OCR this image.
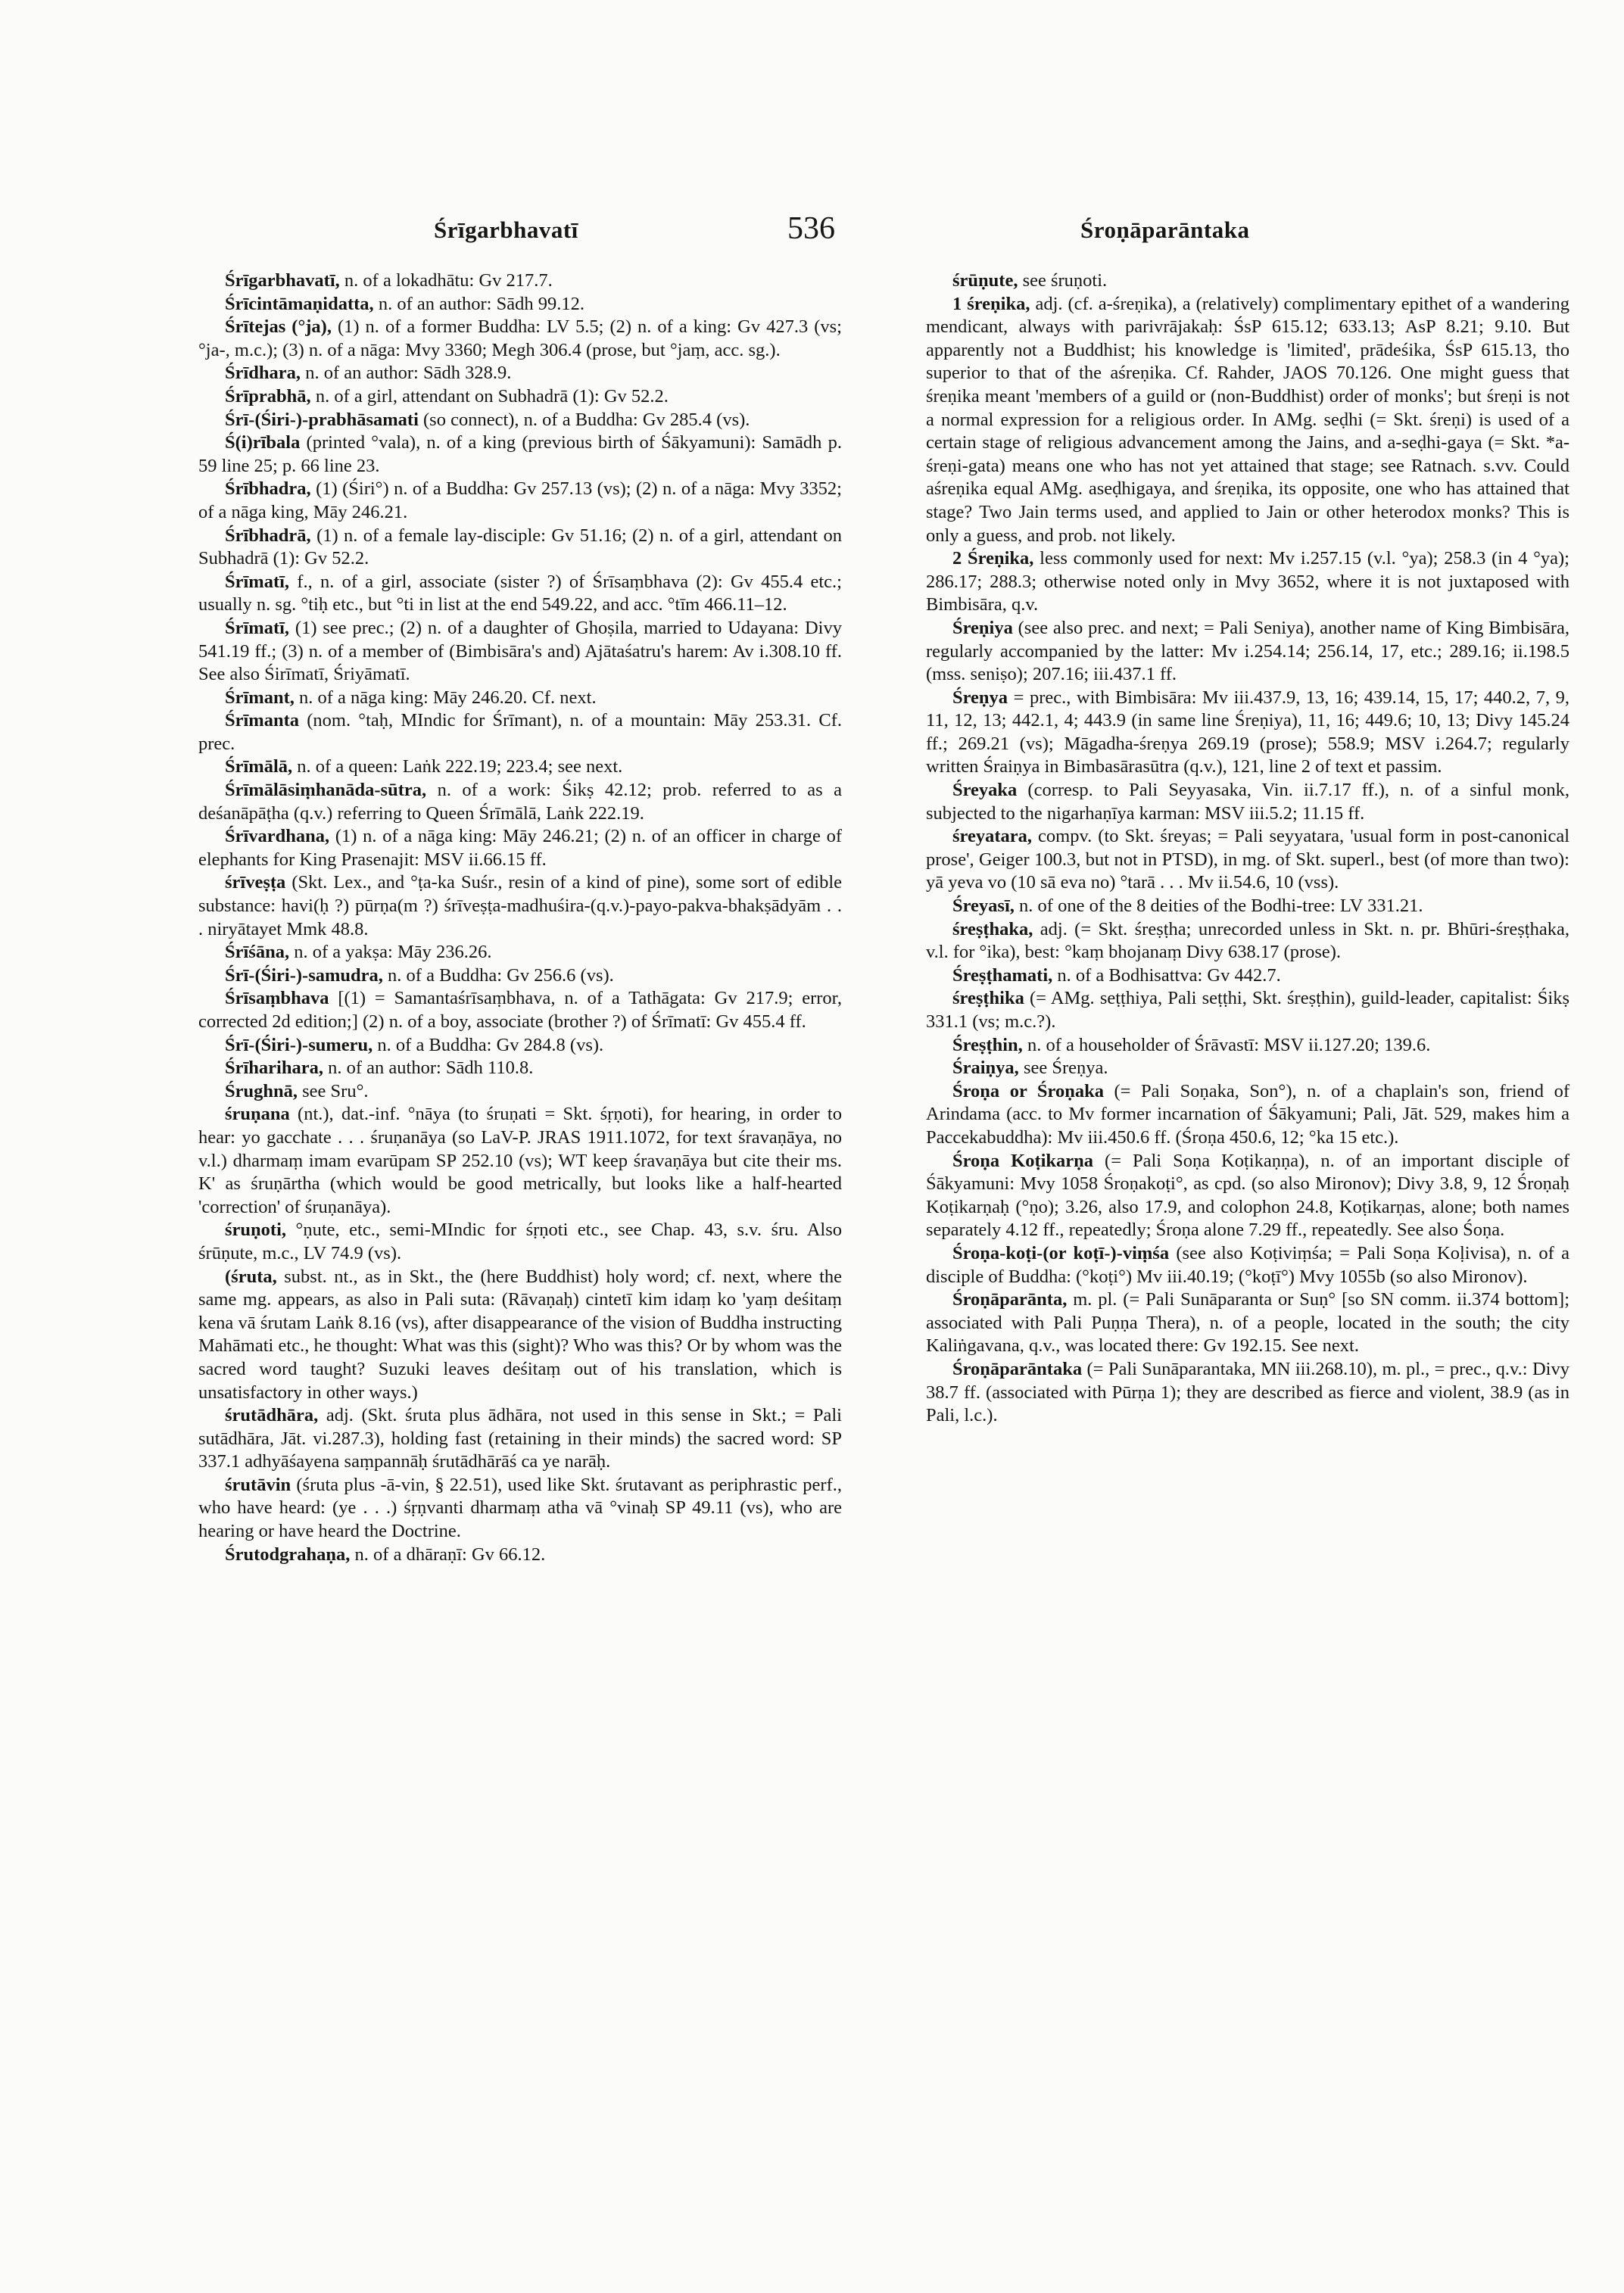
Śrīgarbhavatī	536	Śroṇāparāntaka

Śrīgarbhavatī, n. of a lokadhātu: Gv 217.7.

Śrīcintāmaṇidatta, n. of an author: Sādh 99.12.

Śrītejas (°ja), (1) n. of a former Buddha: LV 5.5; (2) n. of a king: Gv 427.3 (vs; °ja-, m.c.); (3) n. of a nāga: Mvy 3360; Megh 306.4 (prose, but °jaṃ, acc. sg.).

Śrīdhara, n. of an author: Sādh 328.9.

Śrīprabhā, n. of a girl, attendant on Subhadrā (1): Gv 52.2.

Śrī-(Śiri-)-prabhāsamati (so connect), n. of a Buddha: Gv 285.4 (vs).

Ś(i)rībala (printed °vala), n. of a king (previous birth of Śākyamuni): Samādh p. 59 line 25; p. 66 line 23.

Śrībhadra, (1) (Śiri°) n. of a Buddha: Gv 257.13 (vs); (2) n. of a nāga: Mvy 3352; of a nāga king, Māy 246.21.

Śrībhadrā, (1) n. of a female lay-disciple: Gv 51.16; (2) n. of a girl, attendant on Subhadrā (1): Gv 52.2.

Śrīmatī, f., n. of a girl, associate (sister ?) of Śrīsaṃbhava (2): Gv 455.4 etc.; usually n. sg. °tiḥ etc., but °ti in list at the end 549.22, and acc. °tīm 466.11–12.

Śrīmatī, (1) see prec.; (2) n. of a daughter of Ghoṣila, married to Udayana: Divy 541.19 ff.; (3) n. of a member of (Bimbisāra's and) Ajātaśatru's harem: Av i.308.10 ff. See also Śirīmatī, Śriyāmatī.

Śrīmant, n. of a nāga king: Māy 246.20. Cf. next.

Śrīmanta (nom. °taḥ, MIndic for Śrīmant), n. of a mountain: Māy 253.31. Cf. prec.

Śrīmālā, n. of a queen: Laṅk 222.19; 223.4; see next.

Śrīmālāsiṃhanāda-sūtra, n. of a work: Śikṣ 42.12; prob. referred to as a deśanāpāṭha (q.v.) referring to Queen Śrīmālā, Laṅk 222.19.

Śrīvardhana, (1) n. of a nāga king: Māy 246.21; (2) n. of an officer in charge of elephants for King Prasenajit: MSV ii.66.15 ff.

śrīveṣṭa (Skt. Lex., and °ṭa-ka Suśr., resin of a kind of pine), some sort of edible substance: havi(ḥ ?) pūrṇa(m ?) śrīveṣṭa-madhuśira-(q.v.)-payo-pakva-bhakṣādyām . . . niryātayet Mmk 48.8.

Śrīśāna, n. of a yakṣa: Māy 236.26.

Śrī-(Śiri-)-samudra, n. of a Buddha: Gv 256.6 (vs).

Śrīsaṃbhava [(1) = Samantaśrīsaṃbhava, n. of a Tathāgata: Gv 217.9; error, corrected 2d edition;] (2) n. of a boy, associate (brother ?) of Śrīmatī: Gv 455.4 ff.

Śrī-(Śiri-)-sumeru, n. of a Buddha: Gv 284.8 (vs).

Śrīharihara, n. of an author: Sādh 110.8.

Śrughnā, see Sru°.

śruṇana (nt.), dat.-inf. °nāya (to śruṇati = Skt. śṛṇoti), for hearing, in order to hear: yo gacchate . . . śruṇanāya (so LaV-P. JRAS 1911.1072, for text śravaṇāya, no v.l.) dharmaṃ imam evarūpam SP 252.10 (vs); WT keep śravaṇāya but cite their ms. K' as śruṇārtha (which would be good metrically, but looks like a half-hearted 'correction' of śruṇanāya).

śruṇoti, °ṇute, etc., semi-MIndic for śṛṇoti etc., see Chap. 43, s.v. śru. Also śrūṇute, m.c., LV 74.9 (vs).

(śruta, subst. nt., as in Skt., the (here Buddhist) holy word; cf. next, where the same mg. appears, as also in Pali suta: (Rāvaṇaḥ) cintetī kim idaṃ ko 'yaṃ deśitaṃ kena vā śrutam Laṅk 8.16 (vs), after disappearance of the vision of Buddha instructing Mahāmati etc., he thought: What was this (sight)? Who was this? Or by whom was the sacred word taught? Suzuki leaves deśitaṃ out of his translation, which is unsatisfactory in other ways.)

śrutādhāra, adj. (Skt. śruta plus ādhāra, not used in this sense in Skt.; = Pali sutādhāra, Jāt. vi.287.3), holding fast (retaining in their minds) the sacred word: SP 337.1 adhyāśayena saṃpannāḥ śrutādhārāś ca ye narāḥ.

śrutāvin (śruta plus -ā-vin, § 22.51), used like Skt. śrutavant as periphrastic perf., who have heard: (ye . . .) śṛṇvanti dharmaṃ atha vā °vinaḥ SP 49.11 (vs), who are hearing or have heard the Doctrine.

Śrutodgrahaṇa, n. of a dhāraṇī: Gv 66.12.

śrūṇute, see śruṇoti.

1 śreṇika, adj. (cf. a-śreṇika), a (relatively) complimentary epithet of a wandering mendicant, always with parivrājakaḥ: ŚsP 615.12; 633.13; AsP 8.21; 9.10. But apparently not a Buddhist; his knowledge is 'limited', prādeśika, ŚsP 615.13, tho superior to that of the aśreṇika. Cf. Rahder, JAOS 70.126. One might guess that śreṇika meant 'members of a guild or (non-Buddhist) order of monks'; but śreṇi is not a normal expression for a religious order. In AMg. seḍhi (= Skt. śreṇi) is used of a certain stage of religious advancement among the Jains, and a-seḍhi-gaya (= Skt. *a-śreṇi-gata) means one who has not yet attained that stage; see Ratnach. s.vv. Could aśreṇika equal AMg. aseḍhigaya, and śreṇika, its opposite, one who has attained that stage? Two Jain terms used, and applied to Jain or other heterodox monks? This is only a guess, and prob. not likely.

2 Śreṇika, less commonly used for next: Mv i.257.15 (v.l. °ya); 258.3 (in 4 °ya); 286.17; 288.3; otherwise noted only in Mvy 3652, where it is not juxtaposed with Bimbisāra, q.v.

Śreṇiya (see also prec. and next; = Pali Seniya), another name of King Bimbisāra, regularly accompanied by the latter: Mv i.254.14; 256.14, 17, etc.; 289.16; ii.198.5 (mss. seniṣo); 207.16; iii.437.1 ff.

Śreṇya = prec., with Bimbisāra: Mv iii.437.9, 13, 16; 439.14, 15, 17; 440.2, 7, 9, 11, 12, 13; 442.1, 4; 443.9 (in same line Śreṇiya), 11, 16; 449.6; 10, 13; Divy 145.24 ff.; 269.21 (vs); Māgadha-śreṇya 269.19 (prose); 558.9; MSV i.264.7; regularly written Śraiṇya in Bimbasārasūtra (q.v.), 121, line 2 of text et passim.

Śreyaka (corresp. to Pali Seyyasaka, Vin. ii.7.17 ff.), n. of a sinful monk, subjected to the nigarhaṇīya karman: MSV iii.5.2; 11.15 ff.

śreyatara, compv. (to Skt. śreyas; = Pali seyyatara, 'usual form in post-canonical prose', Geiger 100.3, but not in PTSD), in mg. of Skt. superl., best (of more than two): yā yeva vo (10 sā eva no) °tarā . . . Mv ii.54.6, 10 (vss).

Śreyasī, n. of one of the 8 deities of the Bodhi-tree: LV 331.21.

śreṣṭhaka, adj. (= Skt. śreṣṭha; unrecorded unless in Skt. n. pr. Bhūri-śreṣṭhaka, v.l. for °ika), best: °kaṃ bhojanaṃ Divy 638.17 (prose).

Śreṣṭhamati, n. of a Bodhisattva: Gv 442.7.

śreṣṭhika (= AMg. seṭṭhiya, Pali seṭṭhi, Skt. śreṣṭhin), guild-leader, capitalist: Śikṣ 331.1 (vs; m.c.?).

Śreṣṭhin, n. of a householder of Śrāvastī: MSV ii.127.20; 139.6.

Śraiṇya, see Śreṇya.

Śroṇa or Śroṇaka (= Pali Soṇaka, Son°), n. of a chaplain's son, friend of Arindama (acc. to Mv former incarnation of Śākyamuni; Pali, Jāt. 529, makes him a Paccekabuddha): Mv iii.450.6 ff. (Śroṇa 450.6, 12; °ka 15 etc.).

Śroṇa Koṭikarṇa (= Pali Soṇa Koṭikaṇṇa), n. of an important disciple of Śākyamuni: Mvy 1058 Śroṇakoṭi°, as cpd. (so also Mironov); Divy 3.8, 9, 12 Śroṇaḥ Koṭikarṇaḥ (°ṇo); 3.26, also 17.9, and colophon 24.8, Koṭikarṇas, alone; both names separately 4.12 ff., repeatedly; Śroṇa alone 7.29 ff., repeatedly. See also Śoṇa.

Śroṇa-koṭi-(or koṭī-)-viṃśa (see also Koṭiviṃśa; = Pali Soṇa Koḷivisa), n. of a disciple of Buddha: (°koṭi°) Mv iii.40.19; (°koṭī°) Mvy 1055b (so also Mironov).

Śroṇāparānta, m. pl. (= Pali Sunāparanta or Suṇ° [so SN comm. ii.374 bottom]; associated with Pali Puṇṇa Thera), n. of a people, located in the south; the city Kaliṅgavana, q.v., was located there: Gv 192.15. See next.

Śroṇāparāntaka (= Pali Sunāparantaka, MN iii.268.10), m. pl., = prec., q.v.: Divy 38.7 ff. (associated with Pūrṇa 1); they are described as fierce and violent, 38.9 (as in Pali, l.c.).
